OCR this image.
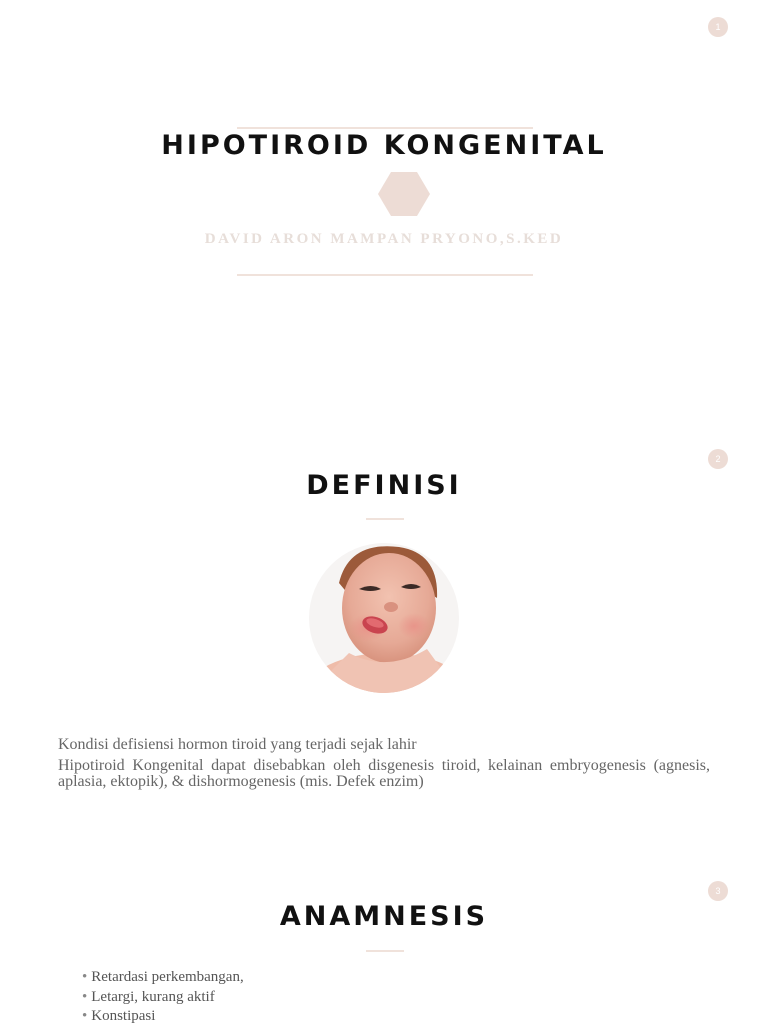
1
HIPOTIROID KONGENITAL
DAVID ARON MAMPAN PRYONO,S.KED
2
DEFINISI

Kondisi defisiensi hormon tiroid yang terjadi sejak lahir

Hipotiroid Kongenital dapat disebabkan oleh disgenesis tiroid, kelainan embryogenesis (agnesis, aplasia, ektopik), & dishormogenesis (mis. Defek enzim)

3
ANAMNESIS
• Retardasi perkembangan,
• Letargi, kurang aktif
• Konstipasi
